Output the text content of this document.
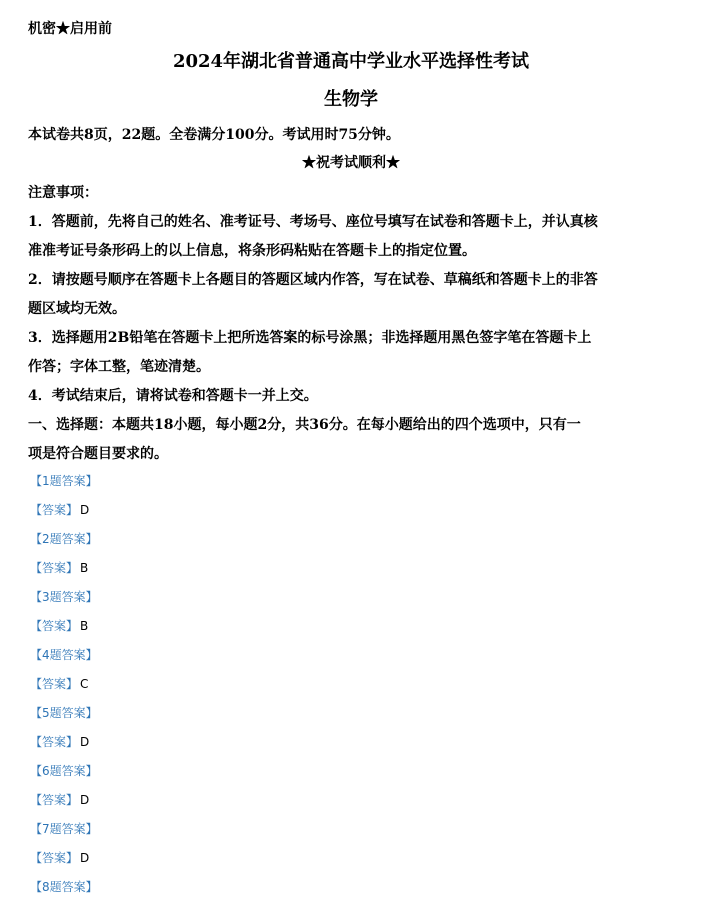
机密★启用前
2024年湖北省普通高中学业水平选择性考试
生物学
本试卷共8页，22题。全卷满分100分。考试用时75分钟。
★祝考试顺利★
注意事项：
1．答题前，先将自己的姓名、准考证号、考场号、座位号填写在试卷和答题卡上，并认真核
准准考证号条形码上的以上信息，将条形码粘贴在答题卡上的指定位置。
2．请按题号顺序在答题卡上各题目的答题区域内作答，写在试卷、草稿纸和答题卡上的非答
题区域均无效。
3．选择题用2B铅笔在答题卡上把所选答案的标号涂黑；非选择题用黑色签字笔在答题卡上
作答；字体工整，笔迹清楚。
4．考试结束后，请将试卷和答题卡一并上交。
一、选择题：本题共18小题，每小题2分，共36分。在每小题给出的四个选项中，只有一
项是符合题目要求的。
【1题答案】
【答案】 D
【2题答案】
【答案】 B
【3题答案】
【答案】 B
【4题答案】
【答案】 C
【5题答案】
【答案】 D
【6题答案】
【答案】 D
【7题答案】
【答案】 D
【8题答案】
